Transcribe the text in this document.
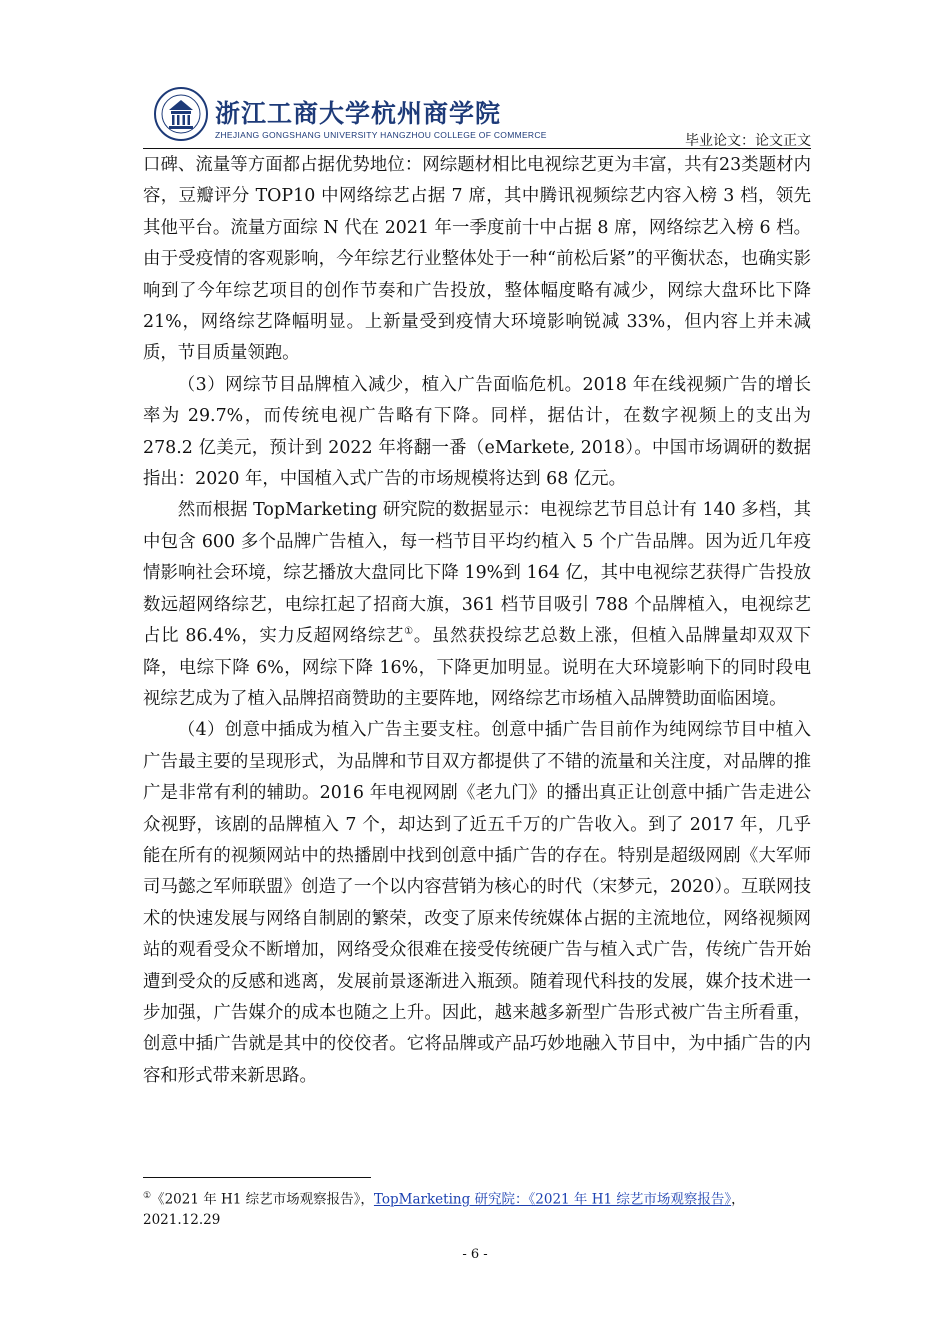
浙江工商大学杭州商学院
ZHEJIANG GONGSHANG UNIVERSITY HANGZHOU COLLEGE OF COMMERCE	毕业论文：论文正文

口碑、流量等方面都占据优势地位：网综题材相比电视综艺更为丰富，共有23类题材内容，豆瓣评分 TOP10 中网络综艺占据 7 席，其中腾讯视频综艺内容入榜 3 档，领先其他平台。流量方面综 N 代在 2021 年一季度前十中占据 8 席，网络综艺入榜 6 档。由于受疫情的客观影响，今年综艺行业整体处于一种“前松后紧”的平衡状态，也确实影响到了今年综艺项目的创作节奏和广告投放，整体幅度略有减少，网综大盘环比下降 21%，网络综艺降幅明显。上新量受到疫情大环境影响锐减 33%，但内容上并未减质，节目质量领跑。

（3）网综节目品牌植入减少，植入广告面临危机。2018 年在线视频广告的增长率为 29.7%，而传统电视广告略有下降。同样，据估计，在数字视频上的支出为 278.2 亿美元，预计到 2022 年将翻一番（eMarkete, 2018）。中国市场调研的数据指出：2020 年，中国植入式广告的市场规模将达到 68 亿元。

然而根据 TopMarketing 研究院的数据显示：电视综艺节目总计有 140 多档，其中包含 600 多个品牌广告植入，每一档节目平均约植入 5 个广告品牌。因为近几年疫情影响社会环境，综艺播放大盘同比下降 19%到 164 亿，其中电视综艺获得广告投放数远超网络综艺，电综扛起了招商大旗，361 档节目吸引 788 个品牌植入，电视综艺占比 86.4%，实力反超网络综艺①。虽然获投综艺总数上涨，但植入品牌量却双双下降，电综下降 6%，网综下降 16%，下降更加明显。说明在大环境影响下的同时段电视综艺成为了植入品牌招商赞助的主要阵地，网络综艺市场植入品牌赞助面临困境。

（4）创意中插成为植入广告主要支柱。创意中插广告目前作为纯网综节目中植入广告最主要的呈现形式，为品牌和节目双方都提供了不错的流量和关注度，对品牌的推广是非常有利的辅助。2016 年电视网剧《老九门》的播出真正让创意中插广告走进公众视野，该剧的品牌植入 7 个，却达到了近五千万的广告收入。到了 2017 年，几乎能在所有的视频网站中的热播剧中找到创意中插广告的存在。特别是超级网剧《大军师司马懿之军师联盟》创造了一个以内容营销为核心的时代（宋梦元，2020）。互联网技术的快速发展与网络自制剧的繁荣，改变了原来传统媒体占据的主流地位，网络视频网站的观看受众不断增加，网络受众很难在接受传统硬广告与植入式广告，传统广告开始遭到受众的反感和逃离，发展前景逐渐进入瓶颈。随着现代科技的发展，媒介技术进一步加强，广告媒介的成本也随之上升。因此，越来越多新型广告形式被广告主所看重，创意中插广告就是其中的佼佼者。它将品牌或产品巧妙地融入节目中，为中插广告的内容和形式带来新思路。

①《2021 年 H1 综艺市场观察报告》，TopMarketing 研究院：《2021 年 H1 综艺市场观察报告》，2021.12.29
- 6 -
